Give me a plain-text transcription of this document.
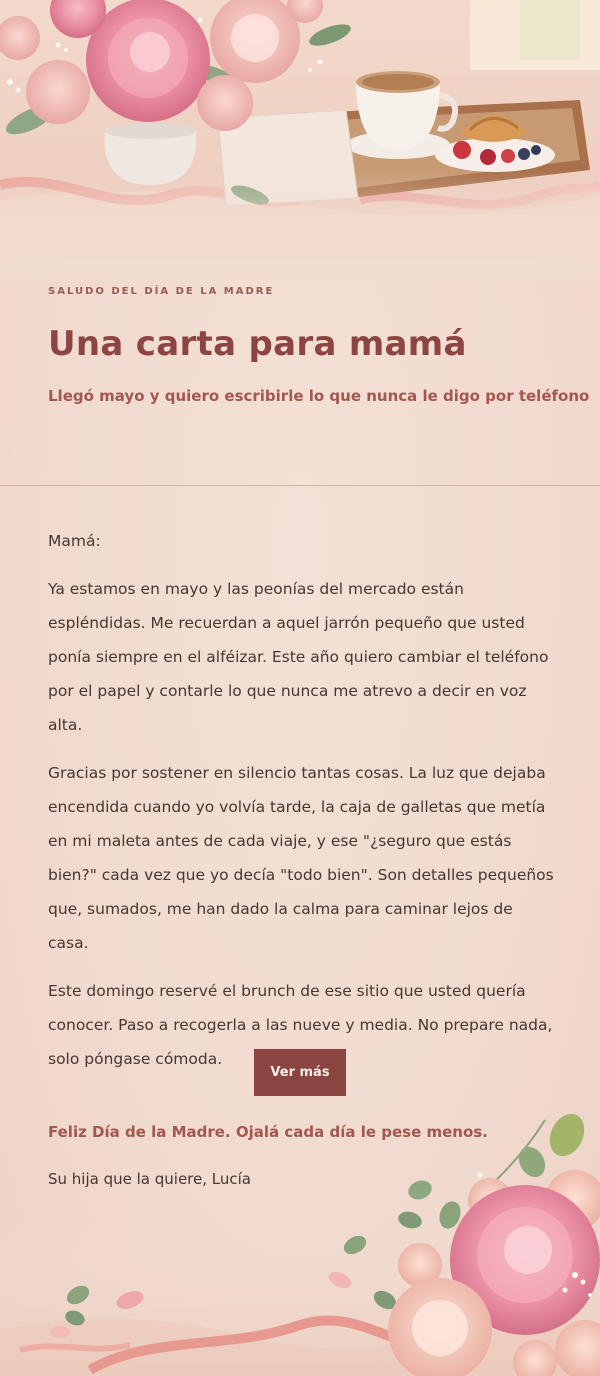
SALUDO DEL DÍA DE LA MADRE
Una carta para mamá

Llegó mayo y quiero escribirle lo que nunca le digo por teléfono

Mamá:

Ya estamos en mayo y las peonías del mercado están espléndidas. Me recuerdan a aquel jarrón pequeño que usted ponía siempre en el alféizar. Este año quiero cambiar el teléfono por el papel y contarle lo que nunca me atrevo a decir en voz alta.

Gracias por sostener en silencio tantas cosas. La luz que dejaba encendida cuando yo volvía tarde, la caja de galletas que metía en mi maleta antes de cada viaje, y ese "¿seguro que estás bien?" cada vez que yo decía "todo bien". Son detalles pequeños que, sumados, me han dado la calma para caminar lejos de casa.

Este domingo reservé el brunch de ese sitio que usted quería conocer. Paso a recogerla a las nueve y media. No prepare nada, solo póngase cómoda.

Ver más
Feliz Día de la Madre. Ojalá cada día le pese menos.
Su hija que la quiere, Lucía
